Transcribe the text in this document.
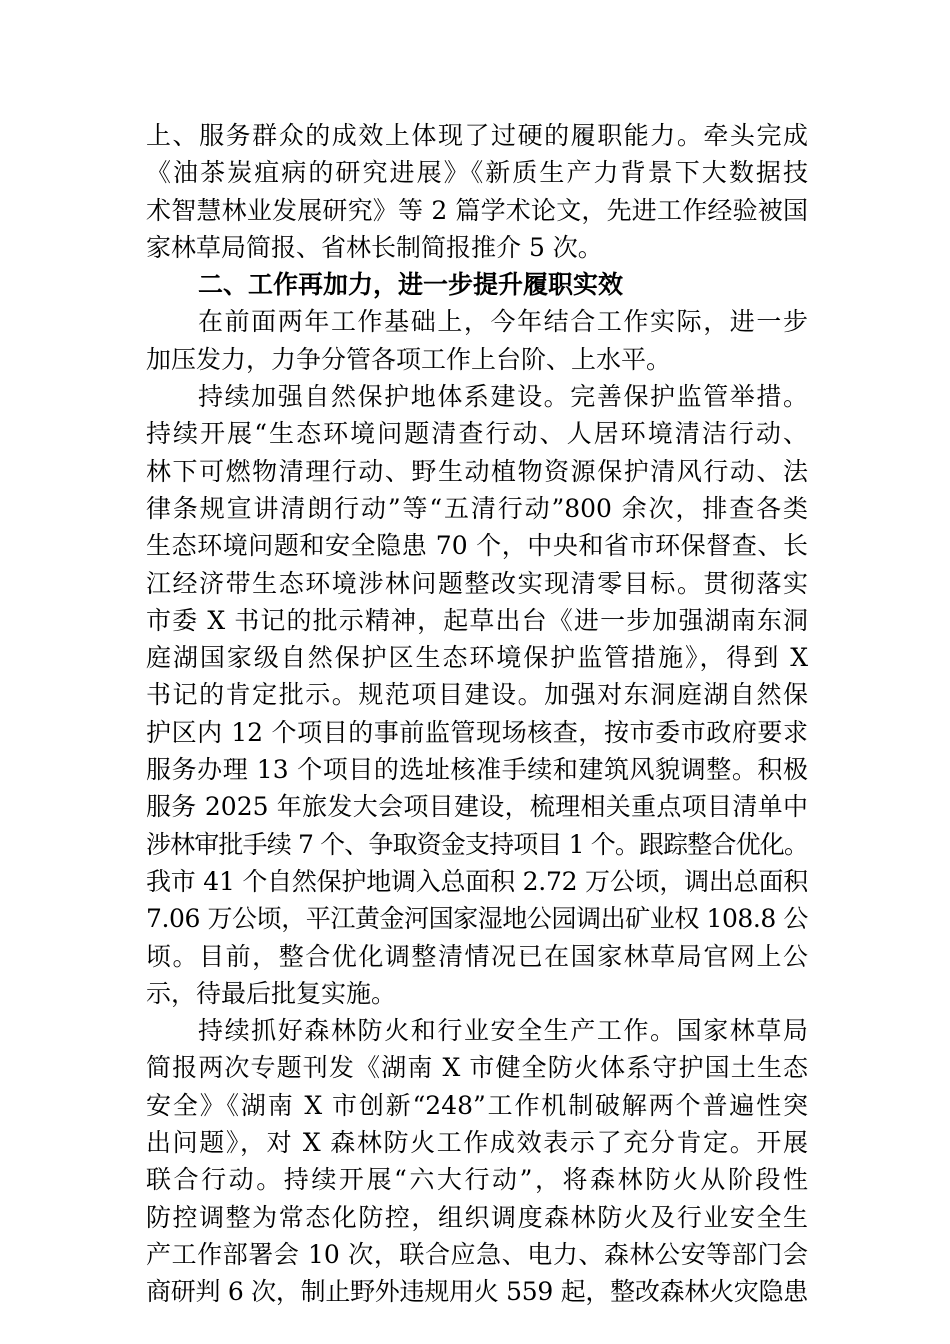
上、服务群众的成效上体现了过硬的履职能力。牵头完成
《油茶炭疽病的研究进展》《新质生产力背景下大数据技
术智慧林业发展研究》等 2 篇学术论文，先进工作经验被国
家林草局简报、省林长制简报推介 5 次。
二、工作再加力，进一步提升履职实效
在前面两年工作基础上，今年结合工作实际，进一步
加压发力，力争分管各项工作上台阶、上水平。
持续加强自然保护地体系建设。完善保护监管举措。
持续开展“生态环境问题清查行动、人居环境清洁行动、
林下可燃物清理行动、野生动植物资源保护清风行动、法
律条规宣讲清朗行动”等“五清行动”800 余次，排查各类
生态环境问题和安全隐患 70 个，中央和省市环保督查、长
江经济带生态环境涉林问题整改实现清零目标。贯彻落实
市委 X 书记的批示精神，起草出台《进一步加强湖南东洞
庭湖国家级自然保护区生态环境保护监管措施》，得到 X
书记的肯定批示。规范项目建设。加强对东洞庭湖自然保
护区内 12 个项目的事前监管现场核查，按市委市政府要求
服务办理 13 个项目的选址核准手续和建筑风貌调整。积极
服务 2025 年旅发大会项目建设，梳理相关重点项目清单中
涉林审批手续 7 个、争取资金支持项目 1 个。跟踪整合优化。
我市 41 个自然保护地调入总面积 2.72 万公顷，调出总面积
7.06 万公顷，平江黄金河国家湿地公园调出矿业权 108.8 公
顷。目前，整合优化调整清情况已在国家林草局官网上公
示，待最后批复实施。
持续抓好森林防火和行业安全生产工作。国家林草局
简报两次专题刊发《湖南 X 市健全防火体系守护国土生态
安全》《湖南 X 市创新“248”工作机制破解两个普遍性突
出问题》，对 X 森林防火工作成效表示了充分肯定。开展
联合行动。持续开展“六大行动”，将森林防火从阶段性
防控调整为常态化防控，组织调度森林防火及行业安全生
产工作部署会 10 次，联合应急、电力、森林公安等部门会
商研判 6 次，制止野外违规用火 559 起，整改森林火灾隐患
